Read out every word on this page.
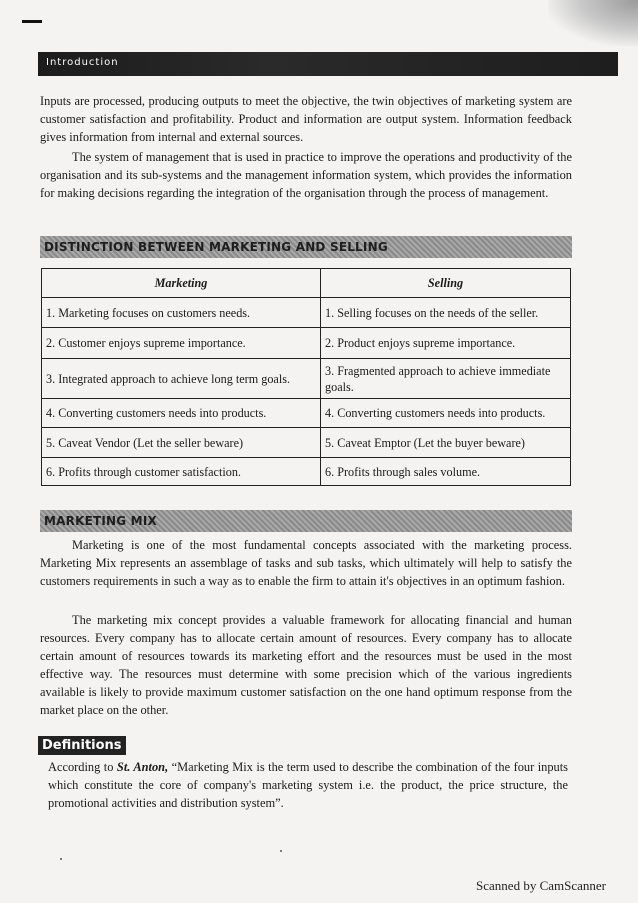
Introduction
Inputs are processed, producing outputs to meet the objective, the twin objectives of marketing system are customer satisfaction and profitability. Product and information are output system. Information feedback gives information from internal and external sources.
The system of management that is used in practice to improve the operations and productivity of the organisation and its sub-systems and the management information system, which provides the information for making decisions regarding the integration of the organisation through the process of management.
DISTINCTION BETWEEN MARKETING AND SELLING
Marketing	Selling
1. Marketing focuses on customers needs.	1. Selling focuses on the needs of the seller.
2. Customer enjoys supreme importance.	2. Product enjoys supreme importance.
3. Integrated approach to achieve long term goals.	3. Fragmented approach to achieve immediate goals.
4. Converting customers needs into products.	4. Converting customers needs into products.
5. Caveat Vendor (Let the seller beware)	5. Caveat Emptor (Let the buyer beware)
6. Profits through customer satisfaction.	6. Profits through sales volume.
MARKETING MIX
Marketing is one of the most fundamental concepts associated with the marketing process. Marketing Mix represents an assemblage of tasks and sub tasks, which ultimately will help to satisfy the customers requirements in such a way as to enable the firm to attain it's objectives in an optimum fashion.
The marketing mix concept provides a valuable framework for allocating financial and human resources. Every company has to allocate certain amount of resources. Every company has to allocate certain amount of resources towards its marketing effort and the resources must be used in the most effective way. The resources must determine with some precision which of the various ingredients available is likely to provide maximum customer satisfaction on the one hand optimum response from the market place on the other.
Definitions
According to St. Anton, “Marketing Mix is the term used to describe the combination of the four inputs which constitute the core of company's marketing system i.e. the product, the price structure, the promotional activities and distribution system”.
Scanned by CamScanner
